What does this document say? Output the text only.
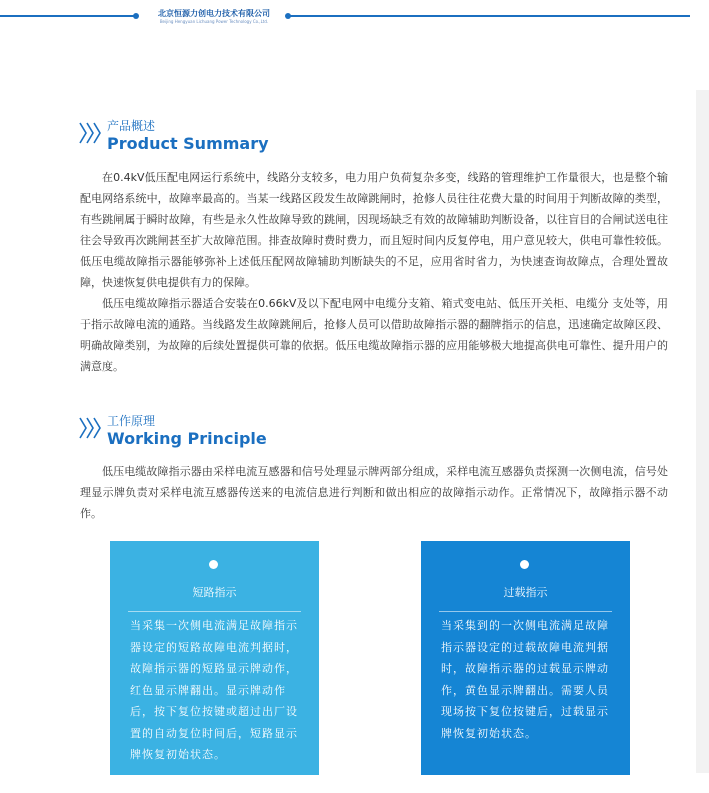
北京恒源力创电力技术有限公司
Beijing Hengyuan Lichuang Power Technology Co.,Ltd.
产品概述
Product Summary

在0.4kV低压配电网运行系统中，线路分支较多，电力用户负荷复杂多变，线路的管理维护工作量很大，也是整个输配电网络系统中，故障率最高的。当某一线路区段发生故障跳闸时，抢修人员往往花费大量的时间用于判断故障的类型，有些跳闸属于瞬时故障，有些是永久性故障导致的跳闸，因现场缺乏有效的故障辅助判断设备，以往盲目的合闸试送电往往会导致再次跳闸甚至扩大故障范围。排查故障时费时费力，而且短时间内反复停电，用户意见较大，供电可靠性较低。低压电缆故障指示器能够弥补上述低压配网故障辅助判断缺失的不足，应用省时省力，为快速查询故障点，合理处置故障，快速恢复供电提供有力的保障。

低压电缆故障指示器适合安装在0.66kV及以下配电网中电缆分支箱、箱式变电站、低压开关柜、电缆分 支处等，用于指示故障电流的通路。当线路发生故障跳闸后，抢修人员可以借助故障指示器的翻牌指示的信息，迅速确定故障区段、明确故障类别，为故障的后续处置提供可靠的依据。低压电缆故障指示器的应用能够极大地提高供电可靠性、提升用户的满意度。

工作原理
Working Principle

低压电缆故障指示器由采样电流互感器和信号处理显示牌两部分组成，采样电流互感器负责探测一次侧电流，信号处理显示牌负责对采样电流互感器传送来的电流信息进行判断和做出相应的故障指示动作。正常情况下，故障指示器不动作。

短路指示
当采集一次侧电流满足故障指示器设定的短路故障电流判据时，故障指示器的短路显示牌动作，红色显示牌翻出。显示牌动作后，按下复位按键或超过出厂设置的自动复位时间后，短路显示牌恢复初始状态。
过载指示
当采集到的一次侧电流满足故障指示器设定的过载故障电流判据时，故障指示器的过载显示牌动作，黄色显示牌翻出。需要人员现场按下复位按键后，过载显示牌恢复初始状态。
